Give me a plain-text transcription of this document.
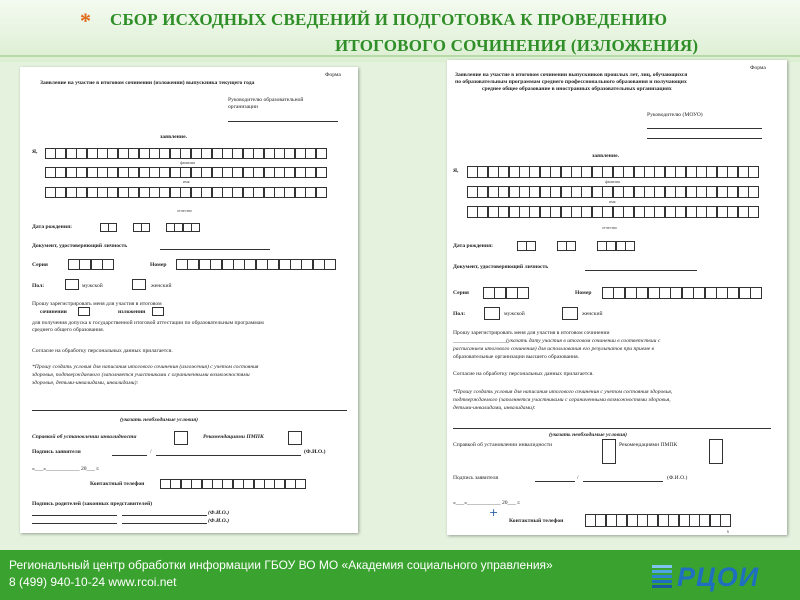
* СБОР ИСХОДНЫХ СВЕДЕНИЙ И ПОДГОТОВКА К ПРОВЕДЕНИЮ
ИТОГОВОГО СОЧИНЕНИЯ (ИЗЛОЖЕНИЯ)
Форма
Заявление на участие в итоговом сочинении (изложении) выпускника текущего года
Руководителю образовательной
организации
заявление.
Я,
фамилия
имя
отчество
Дата рождения:
Документ, удостоверяющий личность
Серия	Номер
Пол:	мужской	женский
Прошу зарегистрировать меня для участия в итоговом
сочинении	изложении
для получения допуска к государственной итоговой аттестации по образовательным программам
среднего общего образования.
Согласие на обработку персональных данных прилагается.
*Прошу создать условия для написания итогового сочинения (изложения) с учетом состояния
здоровья, подтверждаемого (заполняется участниками с ограниченными возможностями
здоровья, детьми-инвалидами, инвалидами):
(указать необходимые условия)
Справкой об установлении инвалидности	Рекомендациями ПМПК
Подпись заявителя	/	(Ф.И.О.)
«___»____________ 20___ г.
Контактный телефон
Подпись родителей (законных представителей)
(Ф.И.О.)
(Ф.И.О.)
Форма
Заявление на участие в итоговом сочинении выпускников прошлых лет, лиц, обучающихся
по образовательным программам среднего профессионального образования и получающих
среднее общее образование в иностранных образовательных организациях
Руководителю (МОУО)
заявление.
Я,
фамилия
имя
отчество
Дата рождения:
Документ, удостоверяющий личность
Серия	Номер
Пол:	мужской	женский
Прошу зарегистрировать меня для участия в итоговом сочинении
___________________(указать дату участия в итоговом сочинении в соответствии с
расписанием итогового сочинения) для использования его результатов при приеме в
образовательные организации высшего образования.
Согласие на обработку персональных данных прилагается.
*Прошу создать условия для написания итогового сочинения с учетом состояния здоровья,
подтверждаемого (заполняется участниками с ограниченными возможностями здоровья,
детьми-инвалидами, инвалидами):
(указать необходимые условия)
Справкой об установлении инвалидности	Рекомендациями ПМПК
Подпись заявителя	/	(Ф.И.О.)
«___»____________ 20___ г.
Контактный телефон
6
+
Региональный центр обработки информации ГБОУ ВО МО «Академия социального управления»
8 (499) 940-10-24 www.rcoi.net	РЦОИ
